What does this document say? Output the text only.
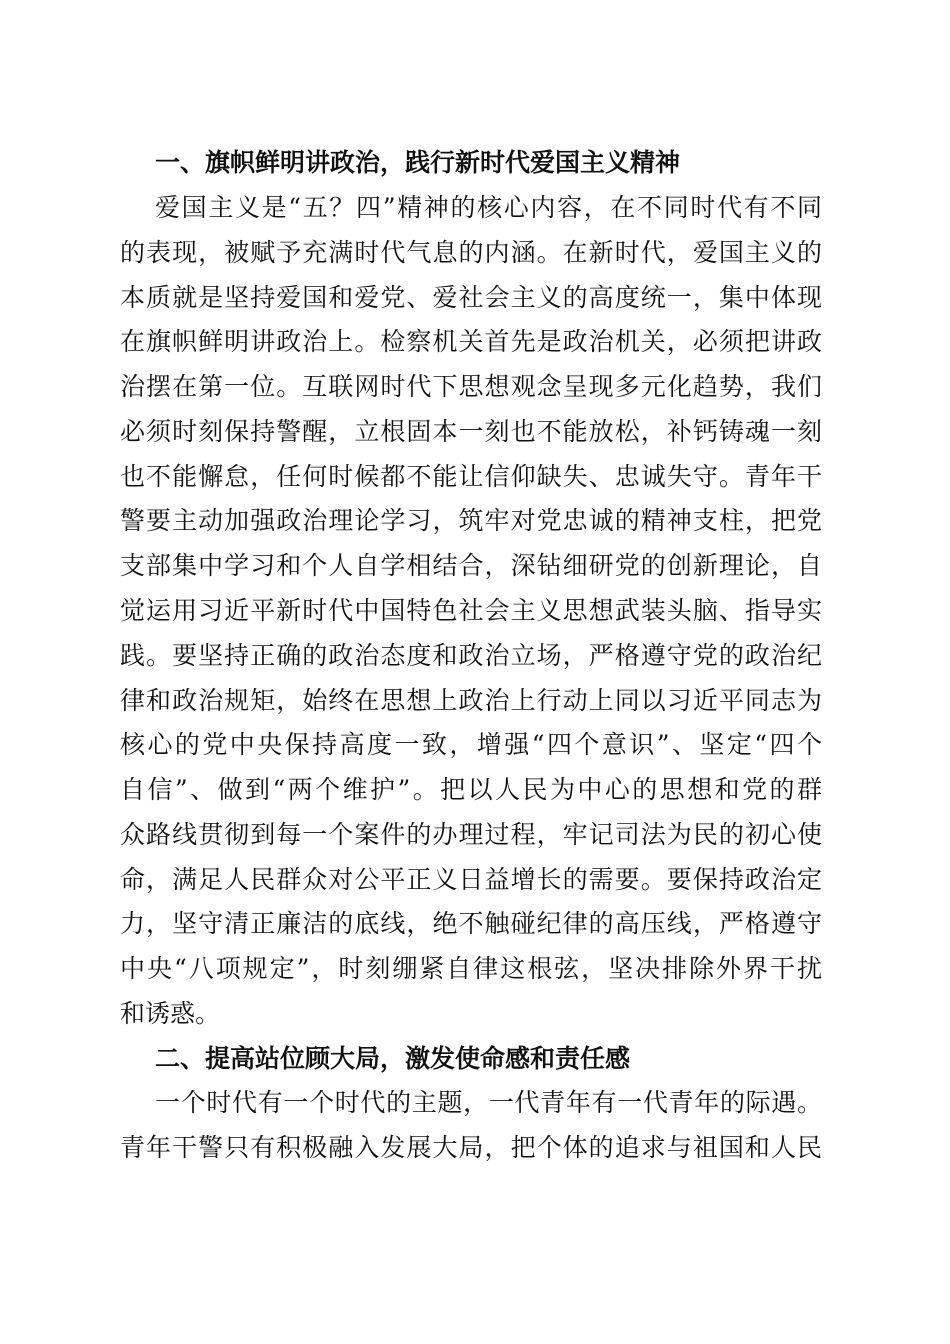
一、旗帜鲜明讲政治，践行新时代爱国主义精神
爱国主义是“五？四”精神的核心内容，在不同时代有不同
的表现，被赋予充满时代气息的内涵。在新时代，爱国主义的
本质就是坚持爱国和爱党、爱社会主义的高度统一，集中体现
在旗帜鲜明讲政治上。检察机关首先是政治机关，必须把讲政
治摆在第一位。互联网时代下思想观念呈现多元化趋势，我们
必须时刻保持警醒，立根固本一刻也不能放松，补钙铸魂一刻
也不能懈怠，任何时候都不能让信仰缺失、忠诚失守。青年干
警要主动加强政治理论学习，筑牢对党忠诚的精神支柱，把党
支部集中学习和个人自学相结合，深钻细研党的创新理论，自
觉运用习近平新时代中国特色社会主义思想武装头脑、指导实
践。要坚持正确的政治态度和政治立场，严格遵守党的政治纪
律和政治规矩，始终在思想上政治上行动上同以习近平同志为
核心的党中央保持高度一致，增强“四个意识”、坚定“四个
自信”、做到“两个维护”。把以人民为中心的思想和党的群
众路线贯彻到每一个案件的办理过程，牢记司法为民的初心使
命，满足人民群众对公平正义日益增长的需要。要保持政治定
力，坚守清正廉洁的底线，绝不触碰纪律的高压线，严格遵守
中央“八项规定”，时刻绷紧自律这根弦，坚决排除外界干扰
和诱惑。
二、提高站位顾大局，激发使命感和责任感
一个时代有一个时代的主题，一代青年有一代青年的际遇。
青年干警只有积极融入发展大局，把个体的追求与祖国和人民
